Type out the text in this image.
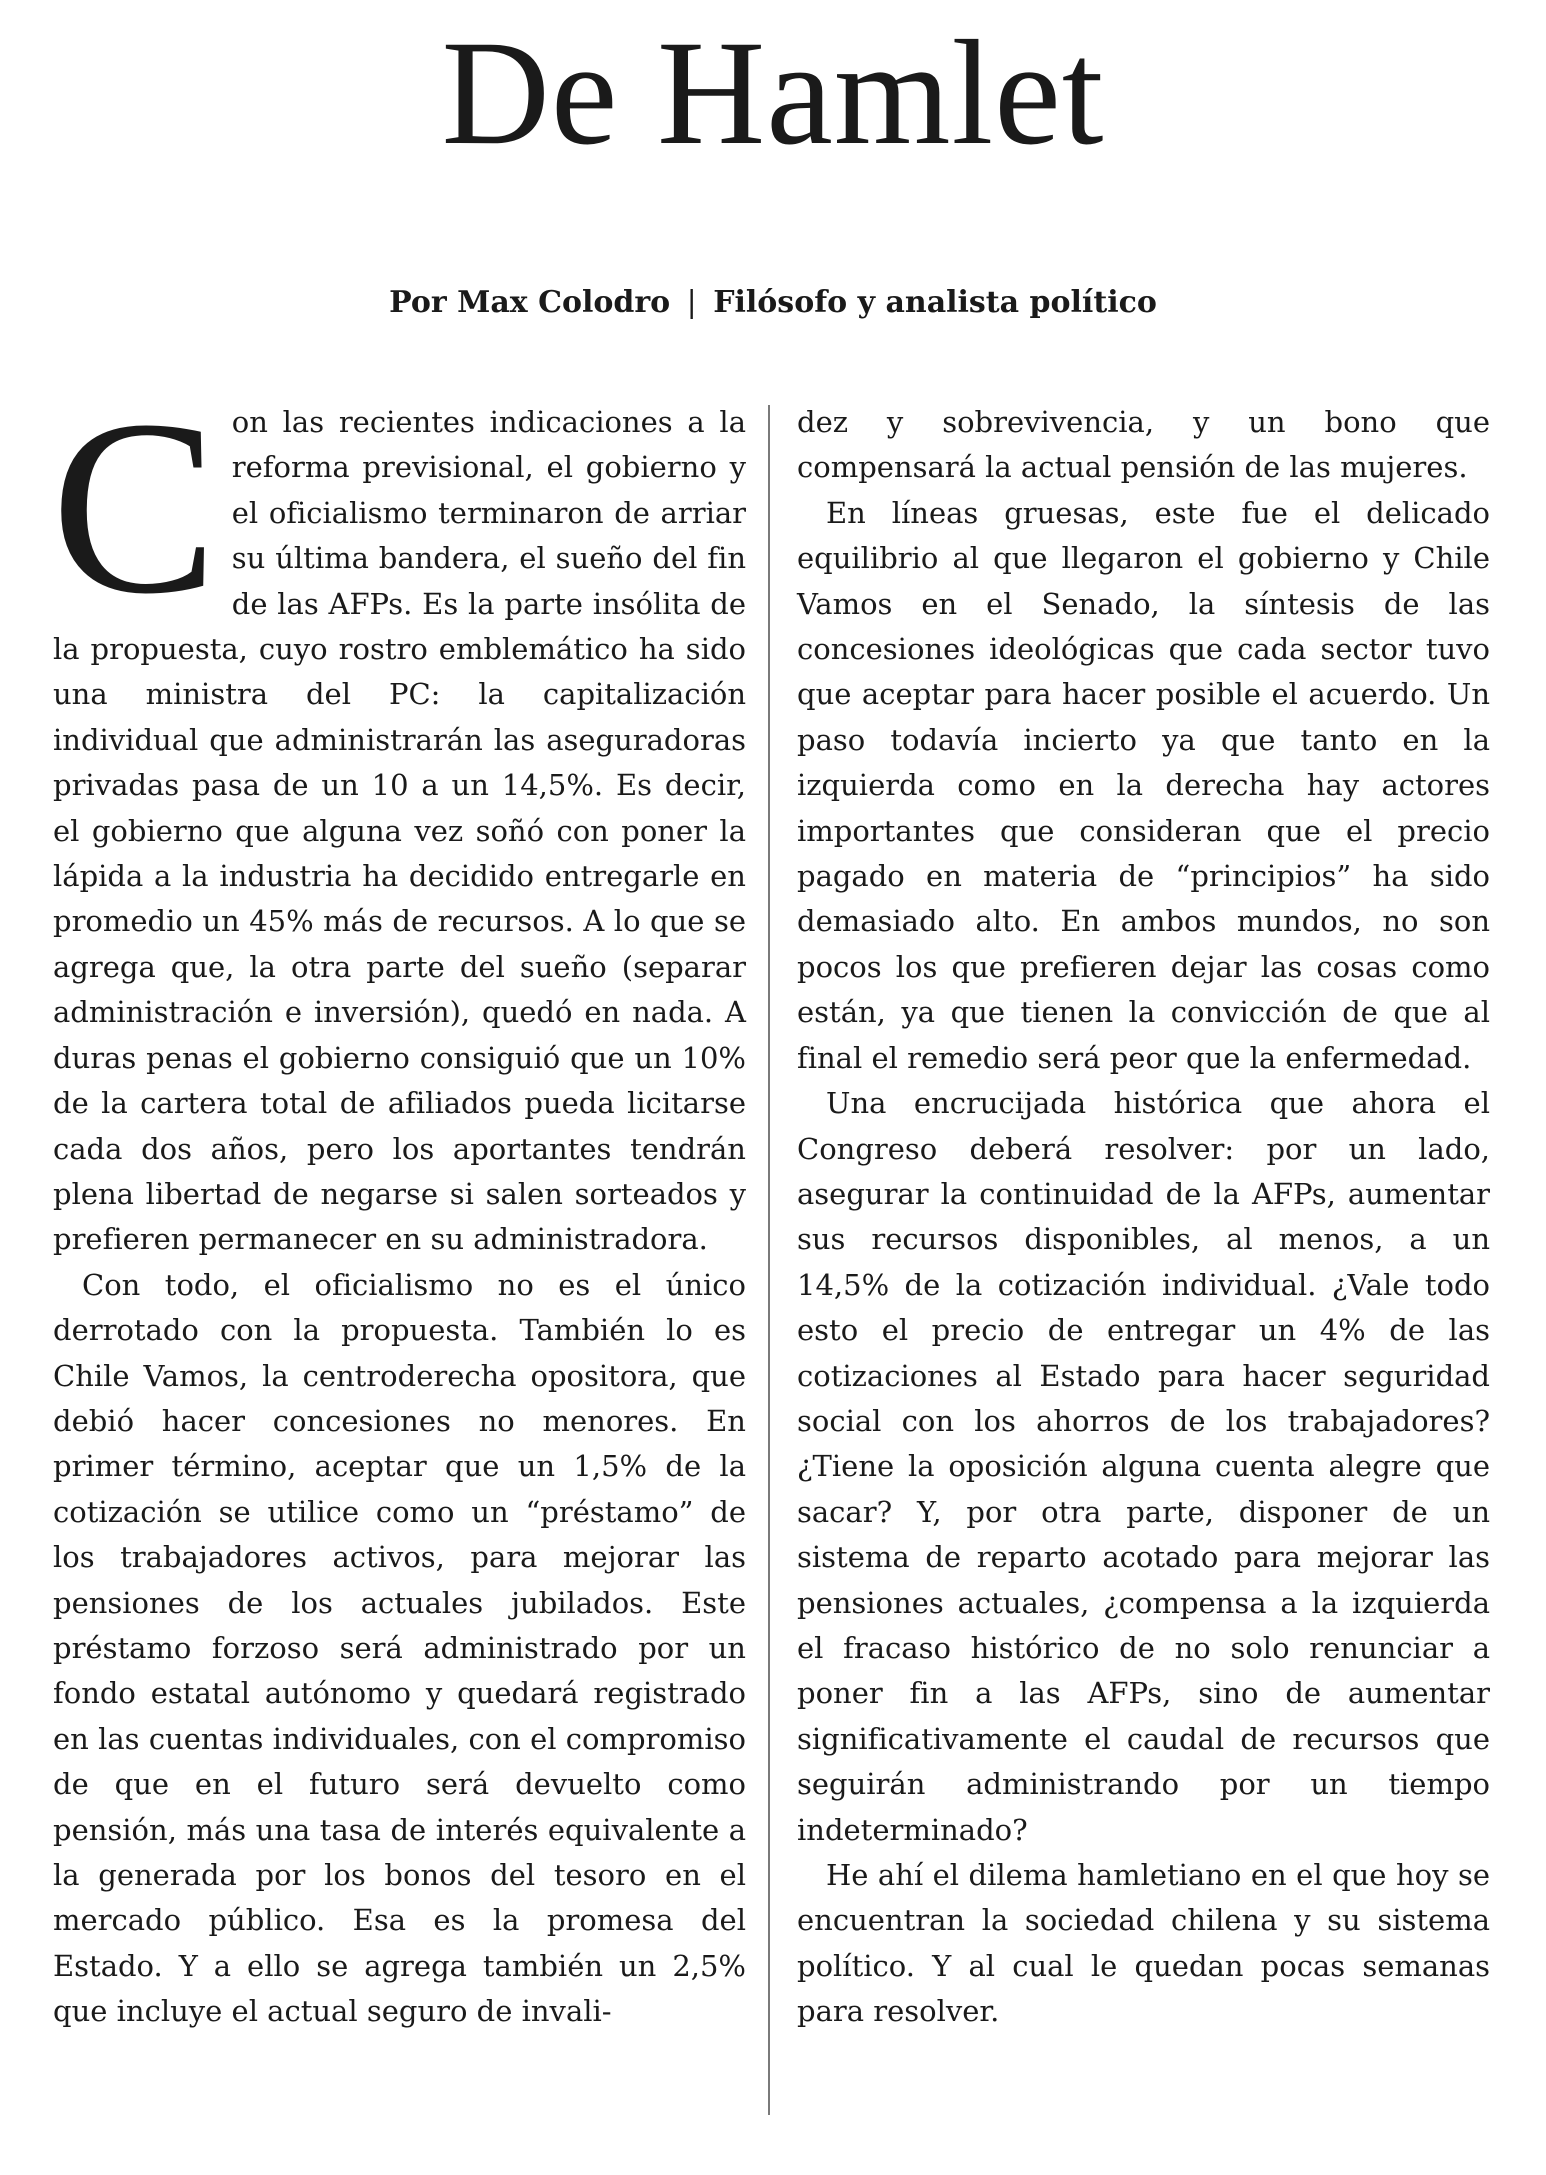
De Hamlet
Por Max Colodro | Filósofo y analista político

Con las recientes indicaciones a la reforma previsional, el gobierno y el oficialismo terminaron de arriar su última bandera, el sueño del fin de las AFPs. Es la parte insólita de la propuesta, cuyo rostro emblemático ha sido una ministra del PC: la capitalización individual que administrarán las aseguradoras privadas pasa de un 10 a un 14,5%. Es decir, el gobierno que alguna vez soñó con poner la lápida a la industria ha decidido entregarle en promedio un 45% más de recursos. A lo que se agrega que, la otra parte del sueño (separar administración e inversión), quedó en nada. A duras penas el gobierno consiguió que un 10% de la cartera total de afiliados pueda licitarse cada dos años, pero los aportantes tendrán plena libertad de negarse si salen sorteados y prefieren permanecer en su administradora.

Con todo, el oficialismo no es el único derrotado con la propuesta. También lo es Chile Vamos, la centroderecha opositora, que debió hacer concesiones no menores. En primer término, aceptar que un 1,5% de la cotización se utilice como un “préstamo” de los trabajadores activos, para mejorar las pensiones de los actuales jubilados. Este préstamo forzoso será administrado por un fondo estatal autónomo y quedará registrado en las cuentas individuales, con el compromiso de que en el futuro será devuelto como pensión, más una tasa de interés equivalente a la generada por los bonos del tesoro en el mercado público. Esa es la promesa del Estado. Y a ello se agrega también un 2,5% que incluye el actual seguro de invali-

dez y sobrevivencia, y un bono que compensará la actual pensión de las mujeres.

En líneas gruesas, este fue el delicado equilibrio al que llegaron el gobierno y Chile Vamos en el Senado, la síntesis de las concesiones ideológicas que cada sector tuvo que aceptar para hacer posible el acuerdo. Un paso todavía incierto ya que tanto en la izquierda como en la derecha hay actores importantes que consideran que el precio pagado en materia de “principios” ha sido demasiado alto. En ambos mundos, no son pocos los que prefieren dejar las cosas como están, ya que tienen la convicción de que al final el remedio será peor que la enfermedad.

Una encrucijada histórica que ahora el Congreso deberá resolver: por un lado, asegurar la continuidad de la AFPs, aumentar sus recursos disponibles, al menos, a un 14,5% de la cotización individual. ¿Vale todo esto el precio de entregar un 4% de las cotizaciones al Estado para hacer seguridad social con los ahorros de los trabajadores? ¿Tiene la oposición alguna cuenta alegre que sacar? Y, por otra parte, disponer de un sistema de reparto acotado para mejorar las pensiones actuales, ¿compensa a la izquierda el fracaso histórico de no solo renunciar a poner fin a las AFPs, sino de aumentar significativamente el caudal de recursos que seguirán administrando por un tiempo indeterminado?

He ahí el dilema hamletiano en el que hoy se encuentran la sociedad chilena y su sistema político. Y al cual le quedan pocas semanas para resolver.
